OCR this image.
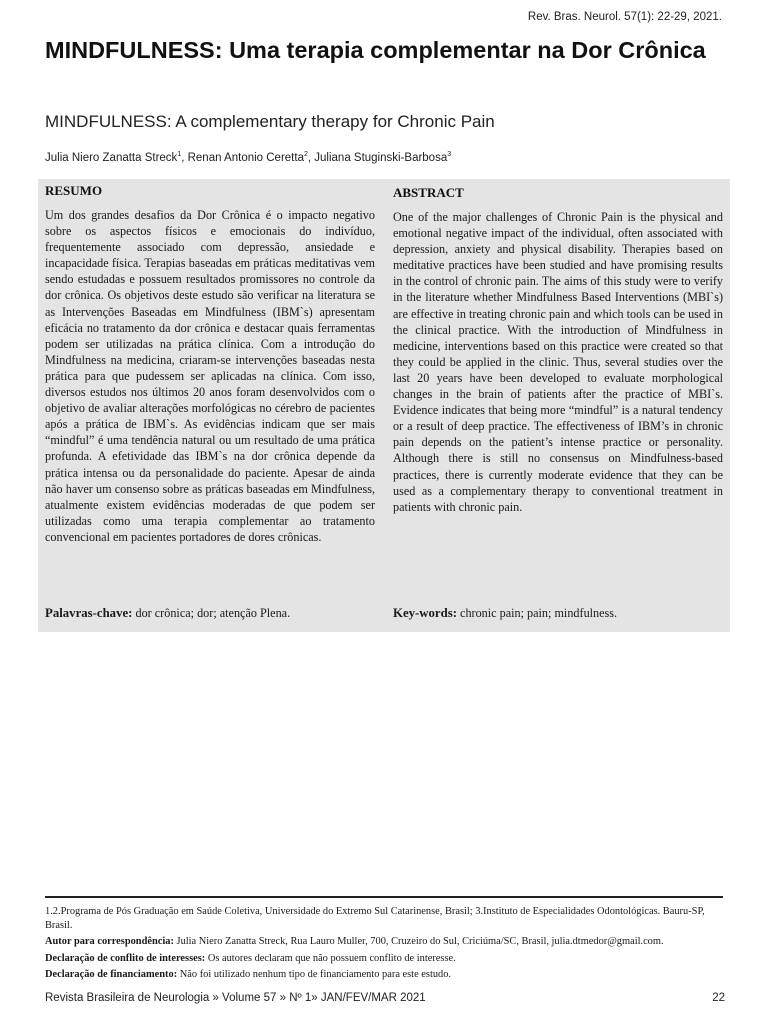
Rev. Bras. Neurol. 57(1): 22-29, 2021.
MINDFULNESS: Uma terapia complementar na Dor Crônica
MINDFULNESS: A complementary therapy for Chronic Pain
Julia Niero Zanatta Streck$^1$, Renan Antonio Ceretta$^2$, Juliana Stuginski-Barbosa$^3$
RESUMO

Um dos grandes desafios da Dor Crônica é o impacto negativo sobre os aspectos físicos e emocionais do indivíduo, frequentemente associado com depressão, ansiedade e incapacidade física. Terapias baseadas em práticas meditativas vem sendo estudadas e possuem resultados promissores no controle da dor crônica. Os objetivos deste estudo são verificar na literatura se as Intervenções Baseadas em Mindfulness (IBM`s) apresentam eficácia no tratamento da dor crônica e destacar quais ferramentas podem ser utilizadas na prática clínica. Com a introdução do Mindfulness na medicina, criaram-se intervenções baseadas nesta prática para que pudessem ser aplicadas na clínica. Com isso, diversos estudos nos últimos 20 anos foram desenvolvidos com o objetivo de avaliar alterações morfológicas no cérebro de pacientes após a prática de IBM`s. As evidências indicam que ser mais “mindful” é uma tendência natural ou um resultado de uma prática profunda. A efetividade das IBM`s na dor crônica depende da prática intensa ou da personalidade do paciente. Apesar de ainda não haver um consenso sobre as práticas baseadas em Mindfulness, atualmente existem evidências moderadas de que podem ser utilizadas como uma terapia complementar ao tratamento convencional em pacientes portadores de dores crônicas.

Palavras-chave: dor crônica; dor; atenção Plena.
ABSTRACT

One of the major challenges of Chronic Pain is the physical and emotional negative impact of the individual, often associated with depression, anxiety and physical disability. Therapies based on meditative practices have been studied and have promising results in the control of chronic pain. The aims of this study were to verify in the literature whether Mindfulness Based Interventions (MBI`s) are effective in treating chronic pain and which tools can be used in the clinical practice. With the introduction of Mindfulness in medicine, interventions based on this practice were created so that they could be applied in the clinic. Thus, several studies over the last 20 years have been developed to evaluate morphological changes in the brain of patients after the practice of MBI`s. Evidence indicates that being more “mindful” is a natural tendency or a result of deep practice. The effectiveness of IBM’s in chronic pain depends on the patient’s intense practice or personality. Although there is still no consensus on Mindfulness-based practices, there is currently moderate evidence that they can be used as a complementary therapy to conventional treatment in patients with chronic pain.

Key-words: chronic pain; pain; mindfulness.

1.2.Programa de Pós Graduação em Saúde Coletiva, Universidade do Extremo Sul Catarinense, Brasil; 3.Instituto de Especialidades Odontológicas. Bauru-SP, Brasil.

Autor para correspondência: Julia Niero Zanatta Streck, Rua Lauro Muller, 700, Cruzeiro do Sul, Criciúma/SC, Brasil, julia.dtmedor@gmail.com.

Declaração de conflito de interesses: Os autores declaram que não possuem conflito de interesse.

Declaração de financiamento: Não foi utilizado nenhum tipo de financiamento para este estudo.

Revista Brasileira de Neurologia » Volume 57 » Nº 1» JAN/FEV/MAR 2021	22
